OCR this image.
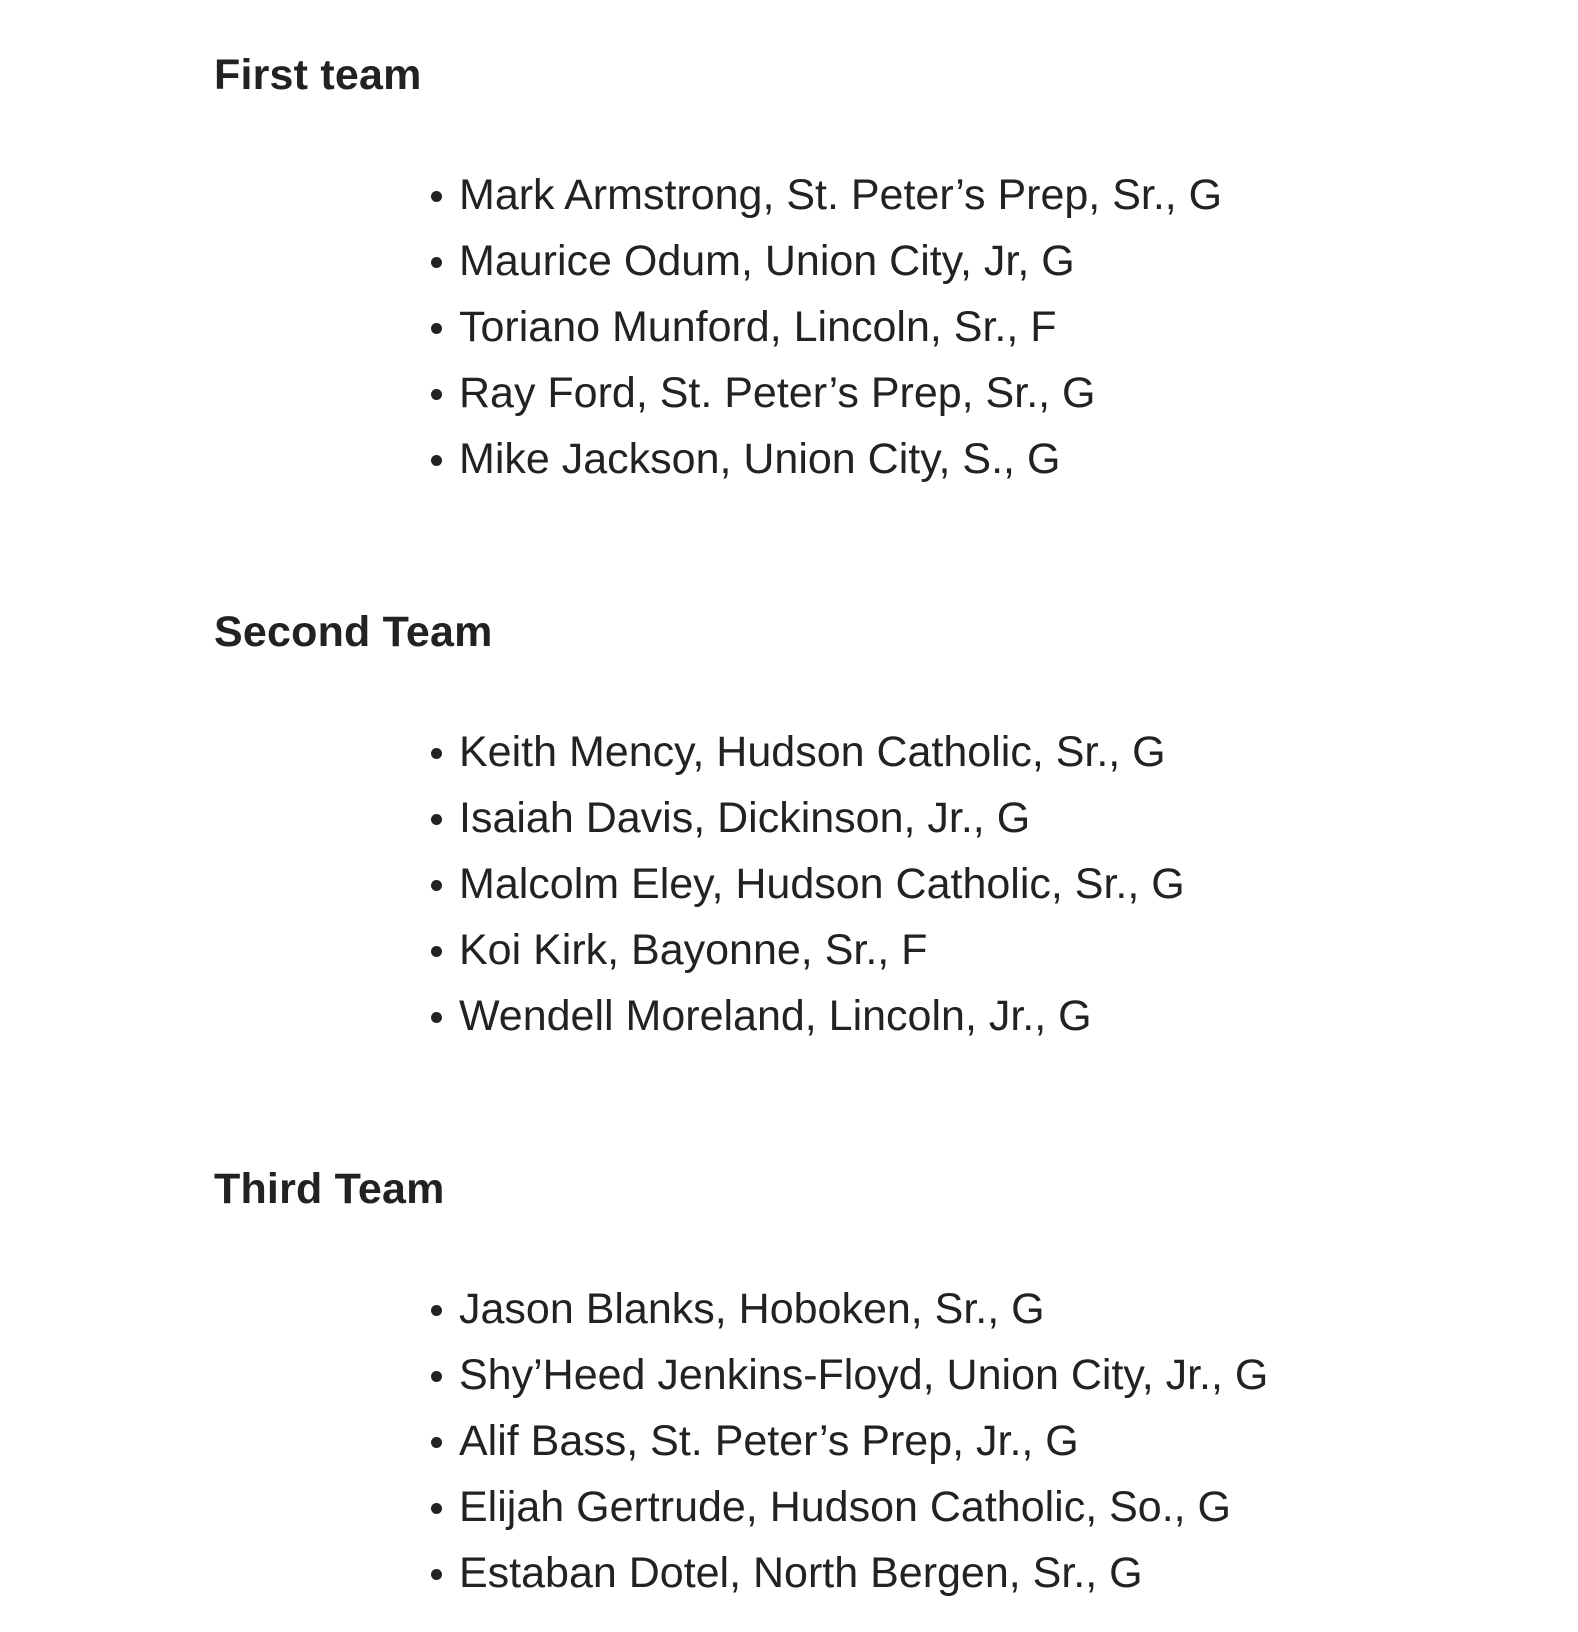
First team
Mark Armstrong, St. Peter’s Prep, Sr., G
Maurice Odum, Union City, Jr, G
Toriano Munford, Lincoln, Sr., F
Ray Ford, St. Peter’s Prep, Sr., G
Mike Jackson, Union City, S., G
Second Team
Keith Mency, Hudson Catholic, Sr., G
Isaiah Davis, Dickinson, Jr., G
Malcolm Eley, Hudson Catholic, Sr., G
Koi Kirk, Bayonne, Sr., F
Wendell Moreland, Lincoln, Jr., G
Third Team
Jason Blanks, Hoboken, Sr., G
Shy’Heed Jenkins-Floyd, Union City, Jr., G
Alif Bass, St. Peter’s Prep, Jr., G
Elijah Gertrude, Hudson Catholic, So., G
Estaban Dotel, North Bergen, Sr., G
